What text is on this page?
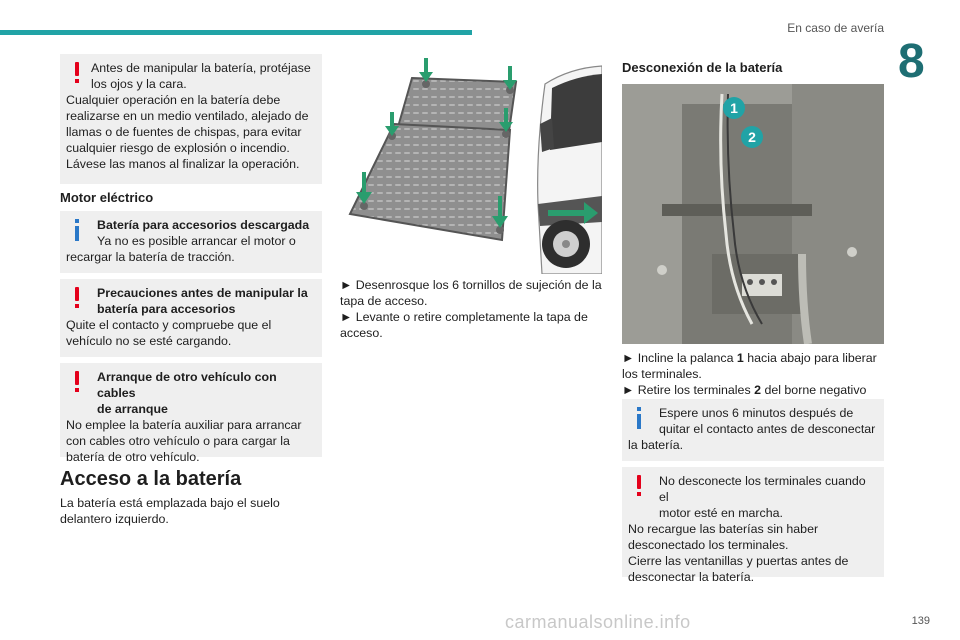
En caso de avería
8

Antes de manipular la batería, protéjase

los ojos y la cara.

Cualquier operación en la batería debe

realizarse en un medio ventilado, alejado de

llamas o de fuentes de chispas, para evitar

cualquier riesgo de explosión o incendio.

Lávese las manos al finalizar la operación.

Motor eléctrico

Batería para accesorios descargada

Ya no es posible arrancar el motor o

recargar la batería de tracción.

Precauciones antes de manipular la

batería para accesorios

Quite el contacto y compruebe que el

vehículo no se esté cargando.

Arranque de otro vehículo con cables

de arranque

No emplee la batería auxiliar para arrancar

con cables otro vehículo o para cargar la

batería de otro vehículo.

Acceso a la batería

La batería está emplazada bajo el suelo

delantero izquierdo.

► Desenrosque los 6 tornillos de sujeción de la

tapa de acceso.

► Levante o retire completamente la tapa de

acceso.

Desconexión de la batería
1
2

► Incline la palanca 1 hacia abajo para liberar

los terminales.

► Retire los terminales 2 del borne negativo

Espere unos 6 minutos después de

quitar el contacto antes de desconectar

la batería.

No desconecte los terminales cuando el

motor esté en marcha.

No recargue las baterías sin haber

desconectado los terminales.

Cierre las ventanillas y puertas antes de

desconectar la batería.

carmanualsonline.info	139
